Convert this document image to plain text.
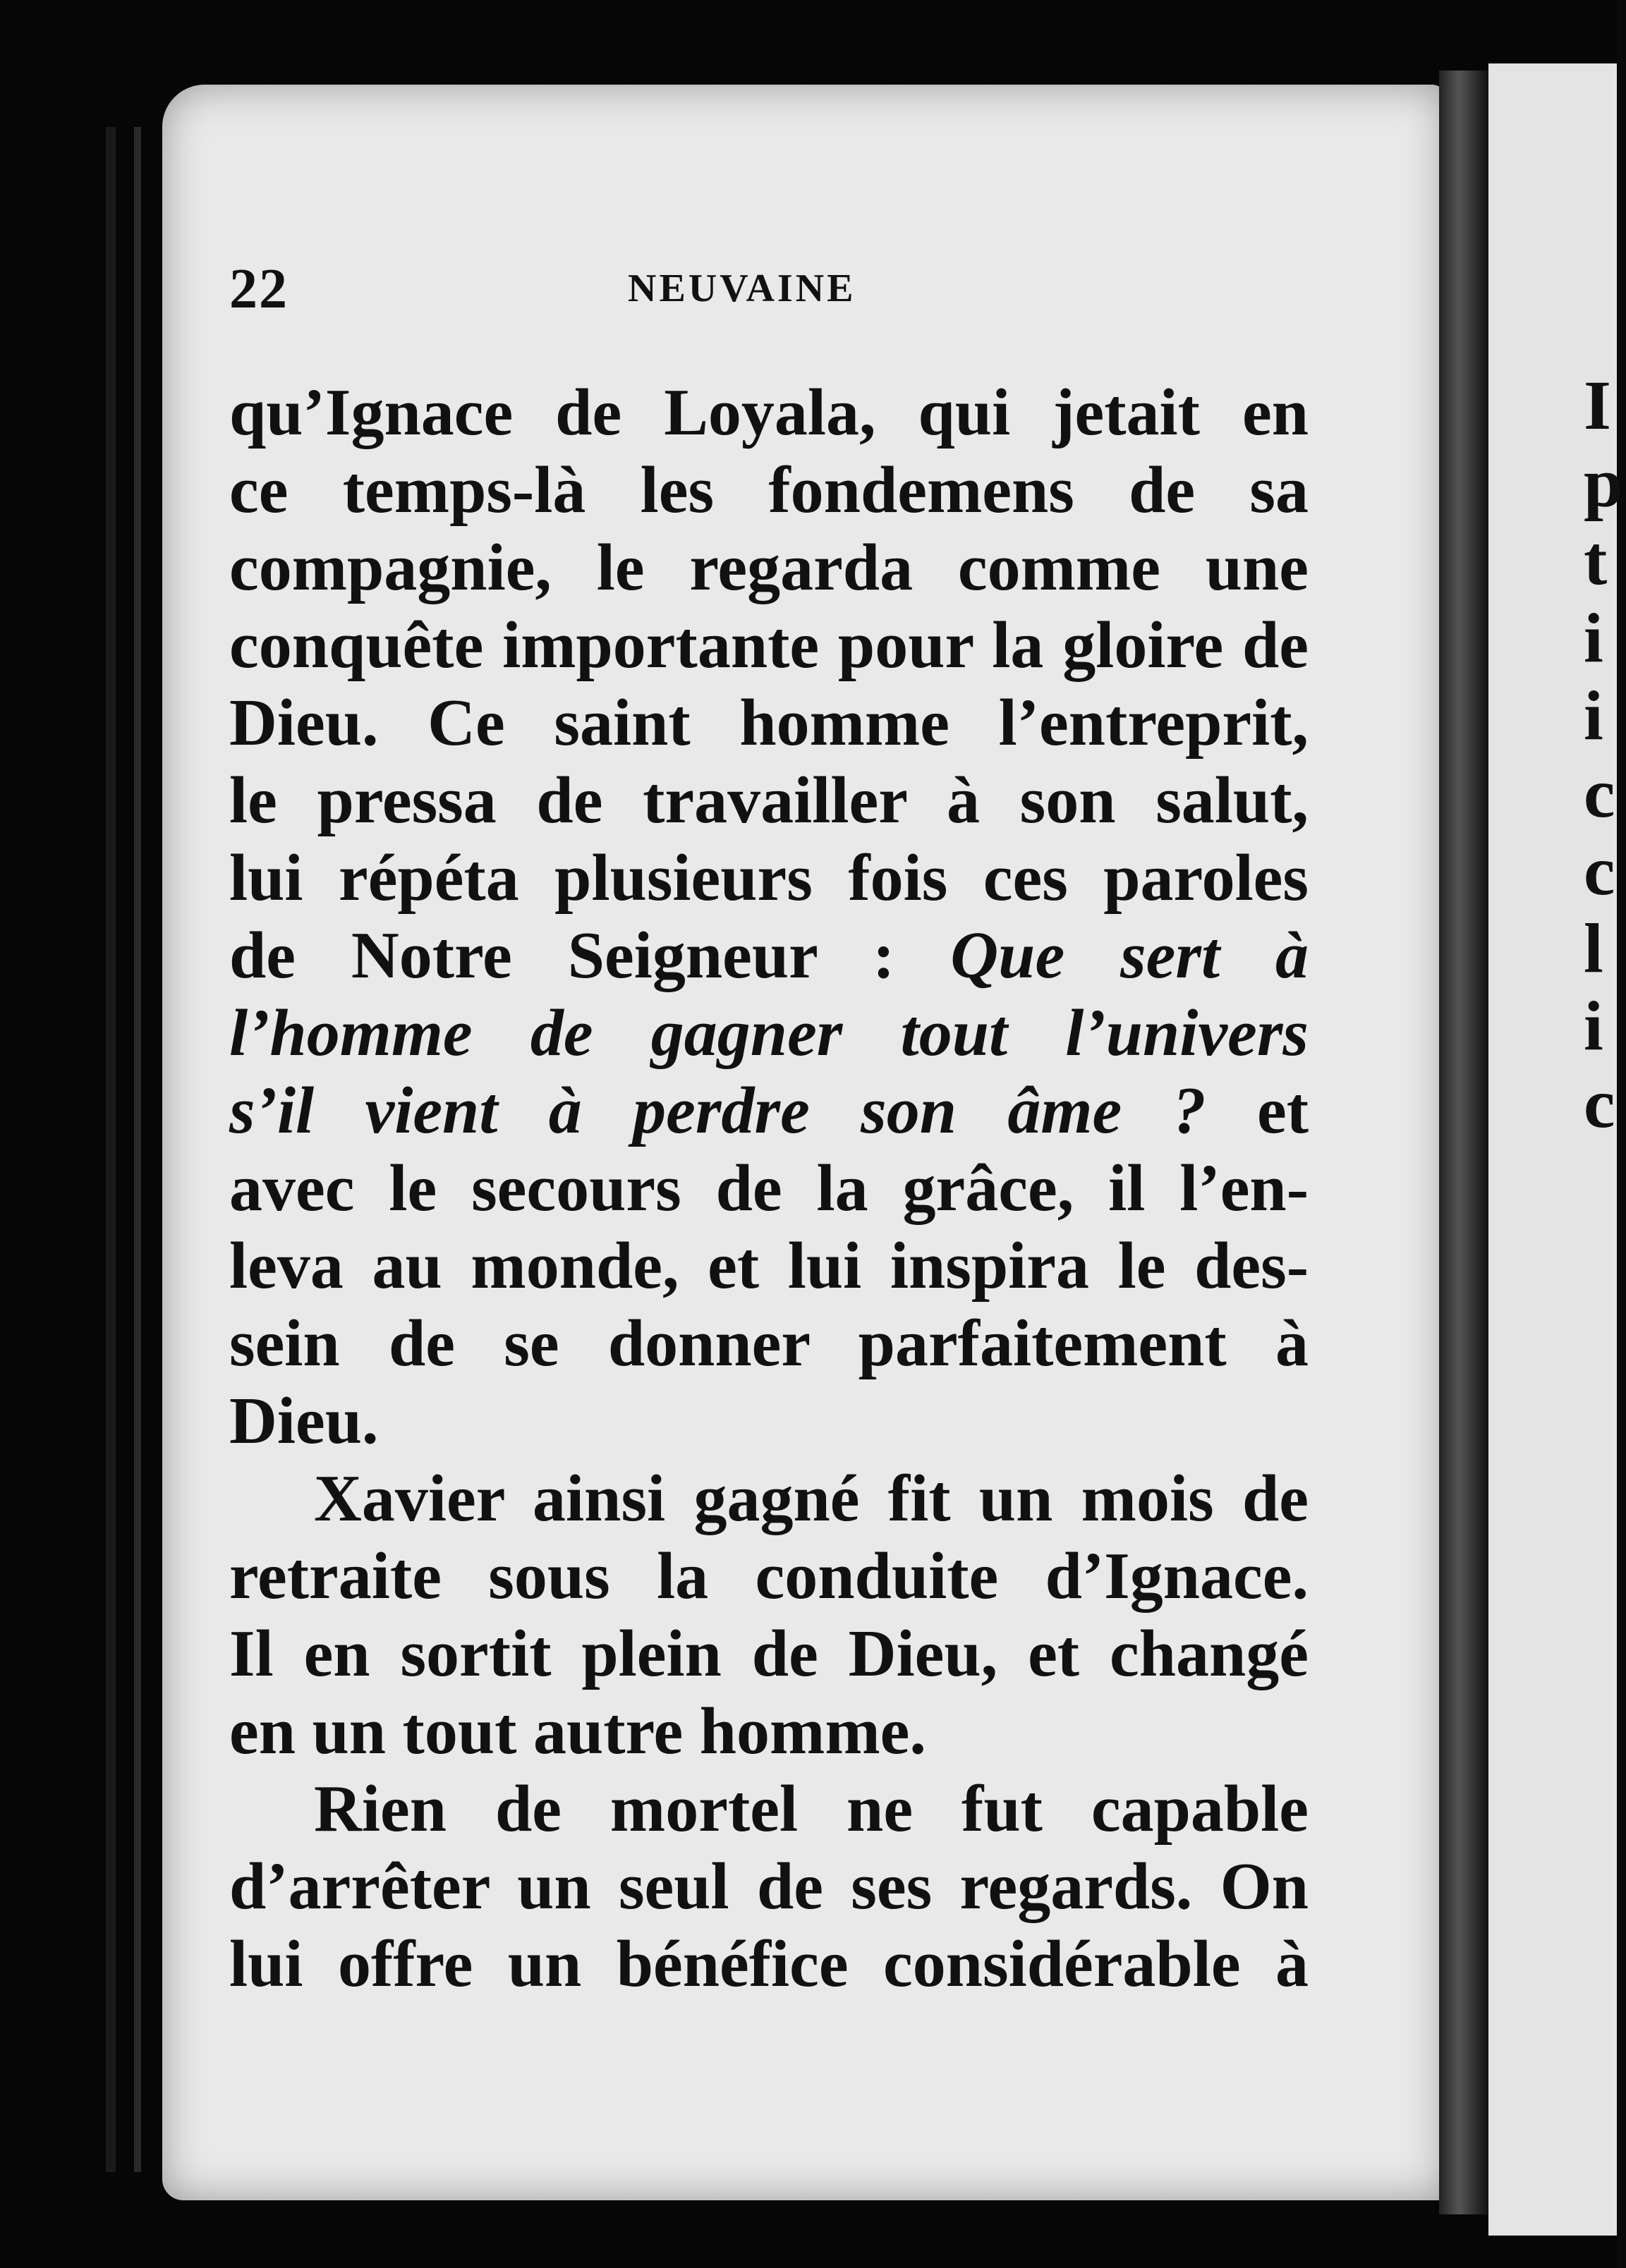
I
p
t
i
i
c
c
l
i
c
22	NEUVAINE
qu’Ignace de Loyala, qui jetait en
ce temps-là les fondemens de sa
compagnie, le regarda comme une
conquête importante pour la gloire de
Dieu. Ce saint homme l’entreprit,
le pressa de travailler à son salut,
lui répéta plusieurs fois ces paroles
de Notre Seigneur : Que sert à
l’homme de gagner tout l’univers
s’il vient à perdre son âme ? et
avec le secours de la grâce, il l’en-
leva au monde, et lui inspira le des-
sein de se donner parfaitement à
Dieu.
Xavier ainsi gagné fit un mois de
retraite sous la conduite d’Ignace.
Il en sortit plein de Dieu, et changé
en un tout autre homme.
Rien de mortel ne fut capable
d’arrêter un seul de ses regards. On
lui offre un bénéfice considérable à
